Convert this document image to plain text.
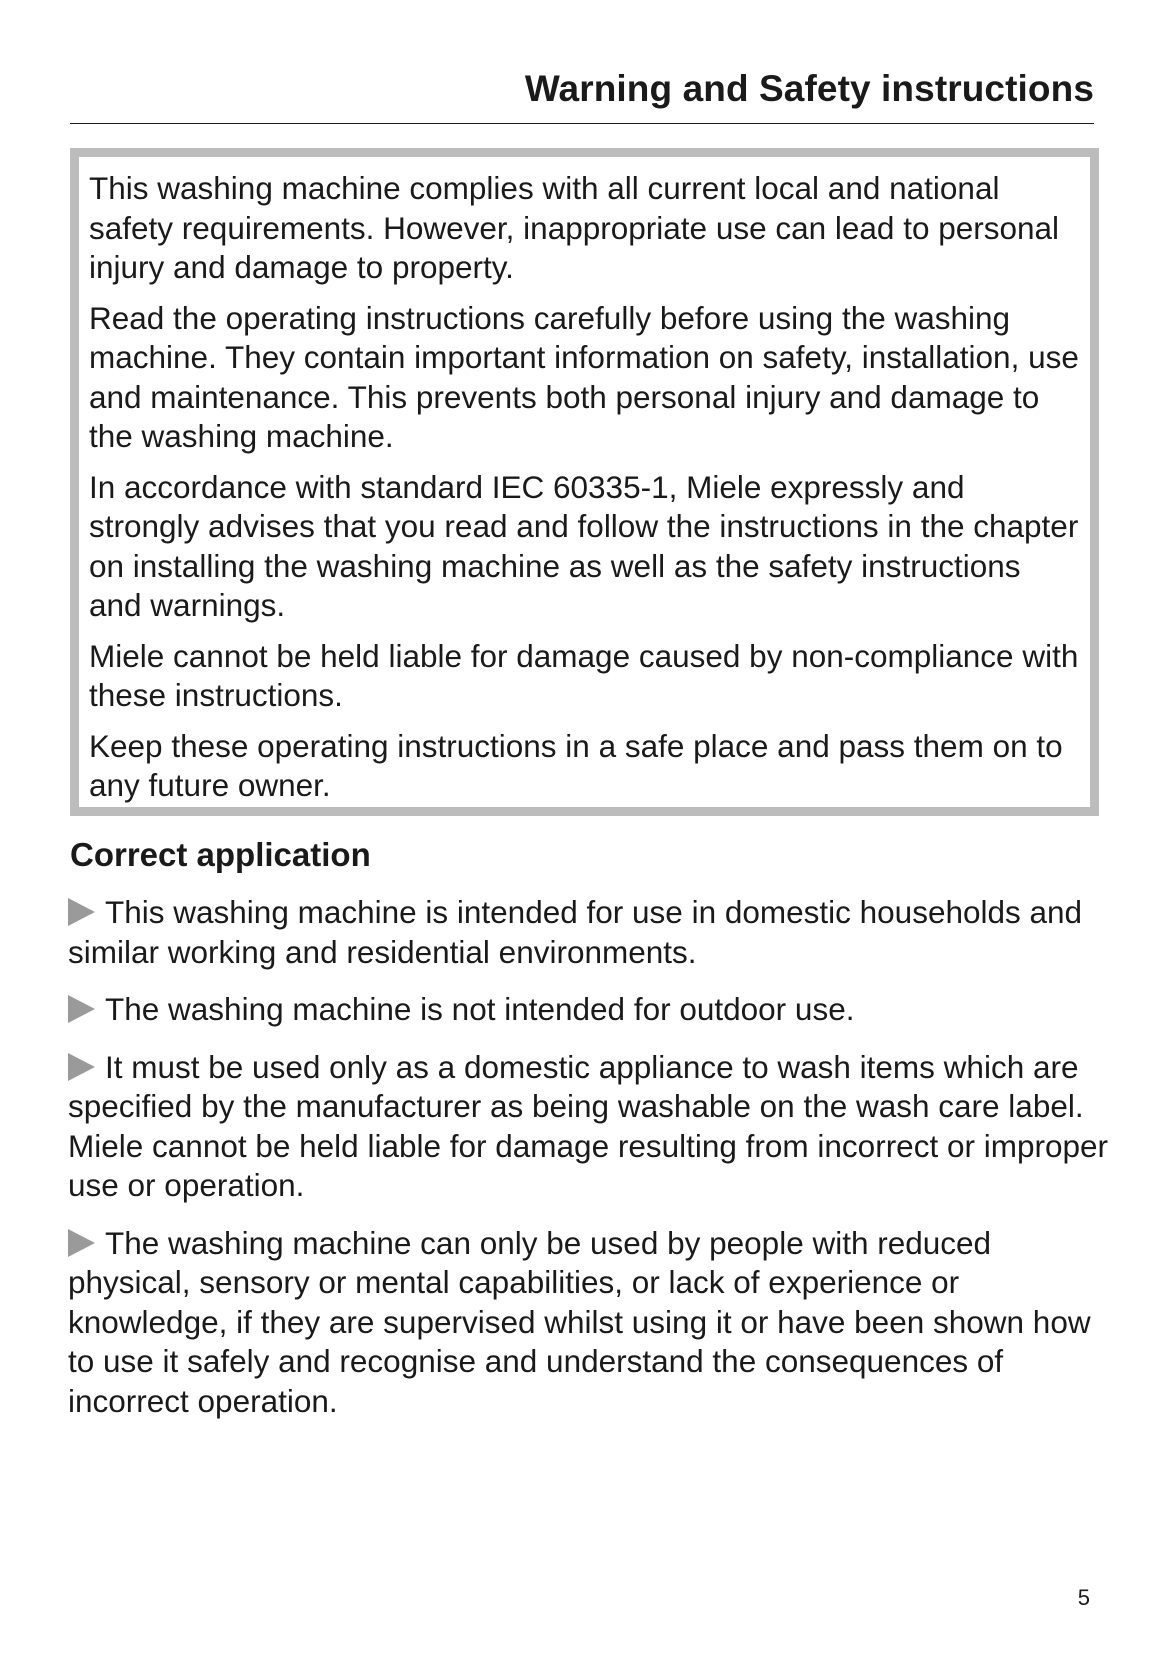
Warning and Safety instructions

This washing machine complies with all current local and national safety requirements. However, inappropriate use can lead to personal injury and damage to property.

Read the operating instructions carefully before using the washing machine. They contain important information on safety, installation, use and maintenance. This prevents both personal injury and damage to the washing machine.

In accordance with standard IEC 60335-1, Miele expressly and strongly advises that you read and follow the instructions in the chapter on installing the washing machine as well as the safety instructions and warnings.

Miele cannot be held liable for damage caused by non-compliance with these instructions.

Keep these operating instructions in a safe place and pass them on to any future owner.

Correct application

This washing machine is intended for use in domestic households and similar working and residential environments.

The washing machine is not intended for outdoor use.

It must be used only as a domestic appliance to wash items which are specified by the manufacturer as being washable on the wash care label. Miele cannot be held liable for damage resulting from incorrect or improper use or operation.

The washing machine can only be used by people with reduced physical, sensory or mental capabilities, or lack of experience or knowledge, if they are supervised whilst using it or have been shown how to use it safely and recognise and understand the consequences of incorrect operation.

5
